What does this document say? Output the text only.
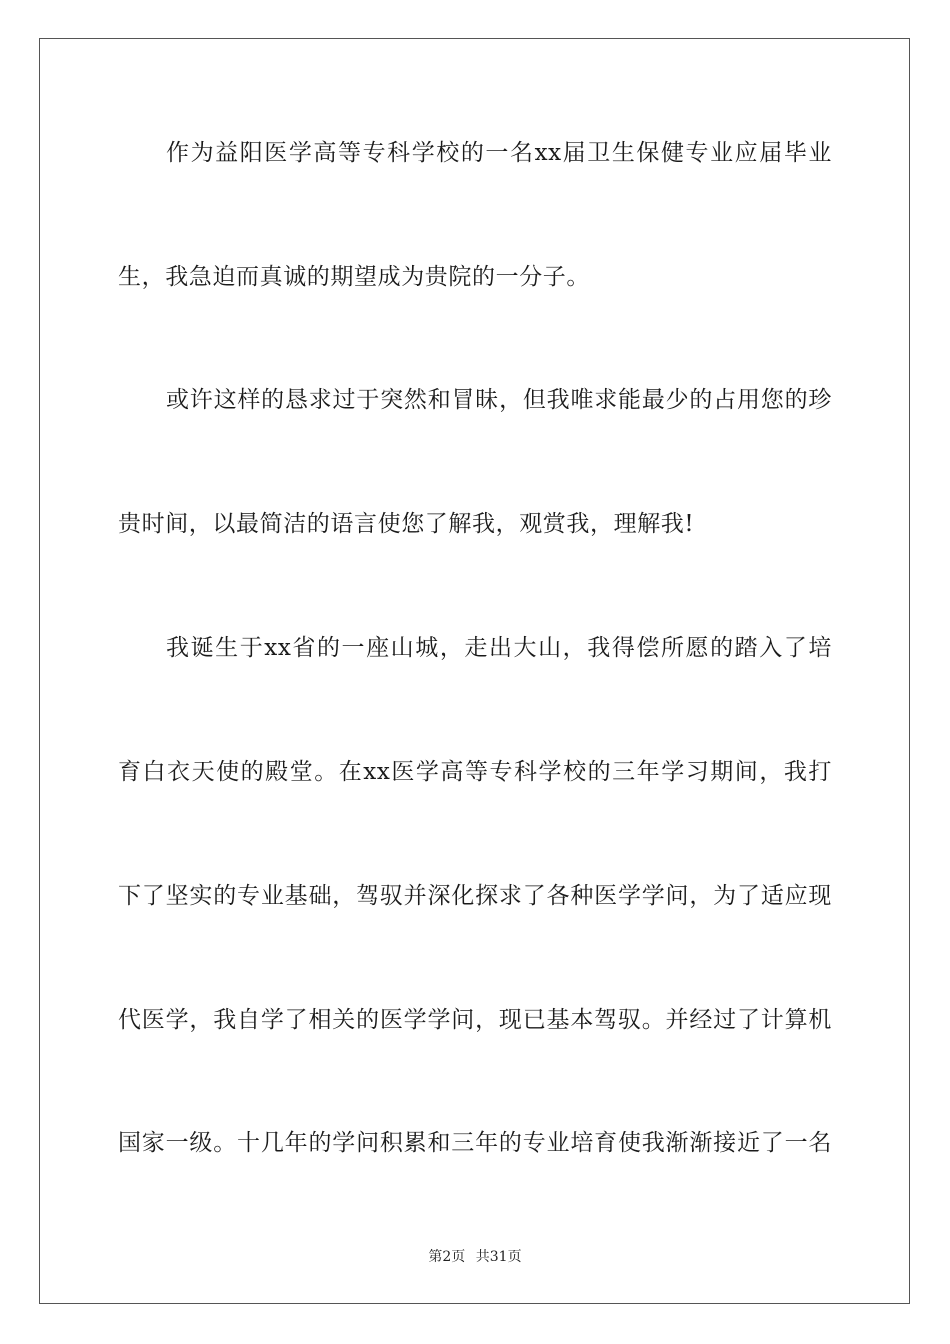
作为益阳医学高等专科学校的一名xx届卫生保健专业应届毕业
生，我急迫而真诚的期望成为贵院的一分子。
或许这样的恳求过于突然和冒昧，但我唯求能最少的占用您的珍
贵时间，以最简洁的语言使您了解我，观赏我，理解我!
我诞生于xx省的一座山城，走出大山，我得偿所愿的踏入了培
育白衣天使的殿堂。在xx医学高等专科学校的三年学习期间，我打
下了坚实的专业基础，驾驭并深化探求了各种医学学问，为了适应现
代医学，我自学了相关的医学学问，现已基本驾驭。并经过了计算机
国家一级。十几年的学问积累和三年的专业培育使我渐渐接近了一名
第2页 共31页
